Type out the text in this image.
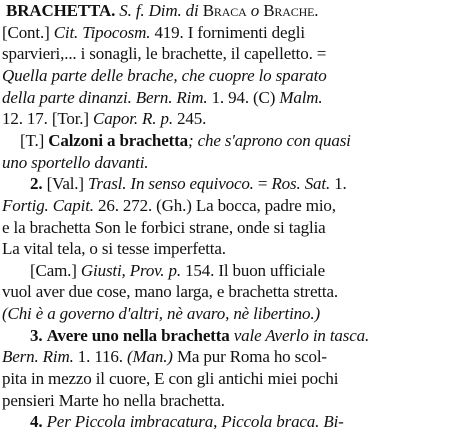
BRACHETTA. S. f. Dim. di Braca o Brache.
[Cont.] Cit. Tipocosm. 419. I fornimenti degli
sparvieri,... i sonagli, le brachette, il capelletto. =
Quella parte delle brache, che cuopre lo sparato
della parte dinanzi. Bern. Rim. 1. 94. (C) Malm.
12. 17. [Tor.] Capor. R. p. 245.
[T.] Calzoni a brachetta; che s'aprono con quasi
uno sportello davanti.
2. [Val.] Trasl. In senso equivoco. = Ros. Sat. 1.
Fortig. Capit. 26. 272. (Gh.) La bocca, padre mio,
e la brachetta Son le forbici strane, onde si taglia
La vital tela, o si tesse imperfetta.
[Cam.] Giusti, Prov. p. 154. Il buon ufficiale
vuol aver due cose, mano larga, e brachetta stretta.
(Chi è a governo d'altri, nè avaro, nè libertino.)
3. Avere uno nella brachetta vale Averlo in tasca.
Bern. Rim. 1. 116. (Man.) Ma pur Roma ho scol-
pita in mezzo il cuore, E con gli antichi miei pochi
pensieri Marte ho nella brachetta.
4. Per Piccola imbracatura, Piccola braca. Bi-
